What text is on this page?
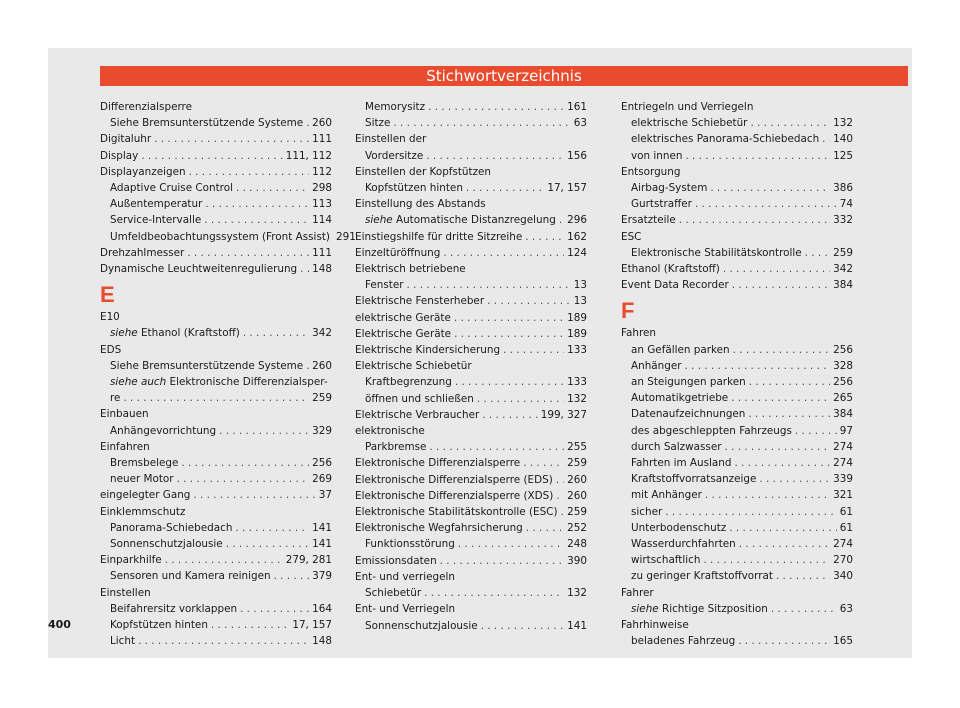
Stichwortverzeichnis
Differenzialsperre
Siehe Bremsunterstützende Systeme . . . 260
Digitaluhr . . .	111
Display . . .	111, 112
Displayanzeigen . . .	112
Adaptive Cruise Control . . .	298
Außentemperatur . . .	113
Service-Intervalle . . .	114
Umfeldbeobachtungssystem (Front Assist) 291
Drehzahlmesser . . .	111
Dynamische Leuchtweitenregulierung . . . 148
E
E10
siehe Ethanol (Kraftstoff) . . .	342
EDS
Siehe Bremsunterstützende Systeme . . . 260
siehe auch Elektronische Differenzialsper-
re . . .	259
Einbauen
Anhängevorrichtung . . .	329
Einfahren
Bremsbelege . . .	256
neuer Motor . . .	269
eingelegter Gang . . .	37
Einklemmschutz
Panorama-Schiebedach . . .	141
Sonnenschutzjalousie . . .	141
Einparkhilfe . . .	279, 281
Sensoren und Kamera reinigen . . .	379
Einstellen
Beifahrersitz vorklappen . . .	164
Kopfstützen hinten . . .	17, 157
Licht . . .	148
Memorysitz . . .	161
Sitze . . .	63
Einstellen der
Vordersitze . . .	156
Einstellen der Kopfstützen
Kopfstützen hinten . . .	17, 157
Einstellung des Abstands
siehe Automatische Distanzregelung . . . 296
Einstiegshilfe für dritte Sitzreihe . . .	162
Einzeltüröffnung . . .	124
Elektrisch betriebene
Fenster . . .	13
Elektrische Fensterheber . . .	13
elektrische Geräte . . .	189
Elektrische Geräte . . .	189
Elektrische Kindersicherung . . .	133
Elektrische Schiebetür
Kraftbegrenzung . . .	133
öffnen und schließen . . .	132
Elektrische Verbraucher . . .	199, 327
elektronische
Parkbremse . . .	255
Elektronische Differenzialsperre . . .	259
Elektronische Differenzialsperre (EDS) . . . 260
Elektronische Differenzialsperre (XDS) . . . 260
Elektronische Stabilitätskontrolle (ESC) . . . 259
Elektronische Wegfahrsicherung . . .	252
Funktionsstörung . . .	248
Emissionsdaten . . .	390
Ent- und verriegeln
Schiebetür . . .	132
Ent- und Verriegeln
Sonnenschutzjalousie . . .	141
Entriegeln und Verriegeln
elektrische Schiebetür . . .	132
elektrisches Panorama-Schiebedach . . . 140
von innen . . .	125
Entsorgung
Airbag-System . . .	386
Gurtstraffer . . .	74
Ersatzteile . . .	332
ESC
Elektronische Stabilitätskontrolle . . .	259
Ethanol (Kraftstoff) . . .	342
Event Data Recorder . . .	384
F
Fahren
an Gefällen parken . . .	256
Anhänger . . .	328
an Steigungen parken . . .	256
Automatikgetriebe . . .	265
Datenaufzeichnungen . . .	384
des abgeschleppten Fahrzeugs . . .	97
durch Salzwasser . . .	274
Fahrten im Ausland . . .	274
Kraftstoffvorratsanzeige . . .	339
mit Anhänger . . .	321
sicher . . .	61
Unterbodenschutz . . .	61
Wasserdurchfahrten . . .	274
wirtschaftlich . . .	270
zu geringer Kraftstoffvorrat . . .	340
Fahrer
siehe Richtige Sitzposition . . .	63
Fahrhinweise
beladenes Fahrzeug . . .	165
400
